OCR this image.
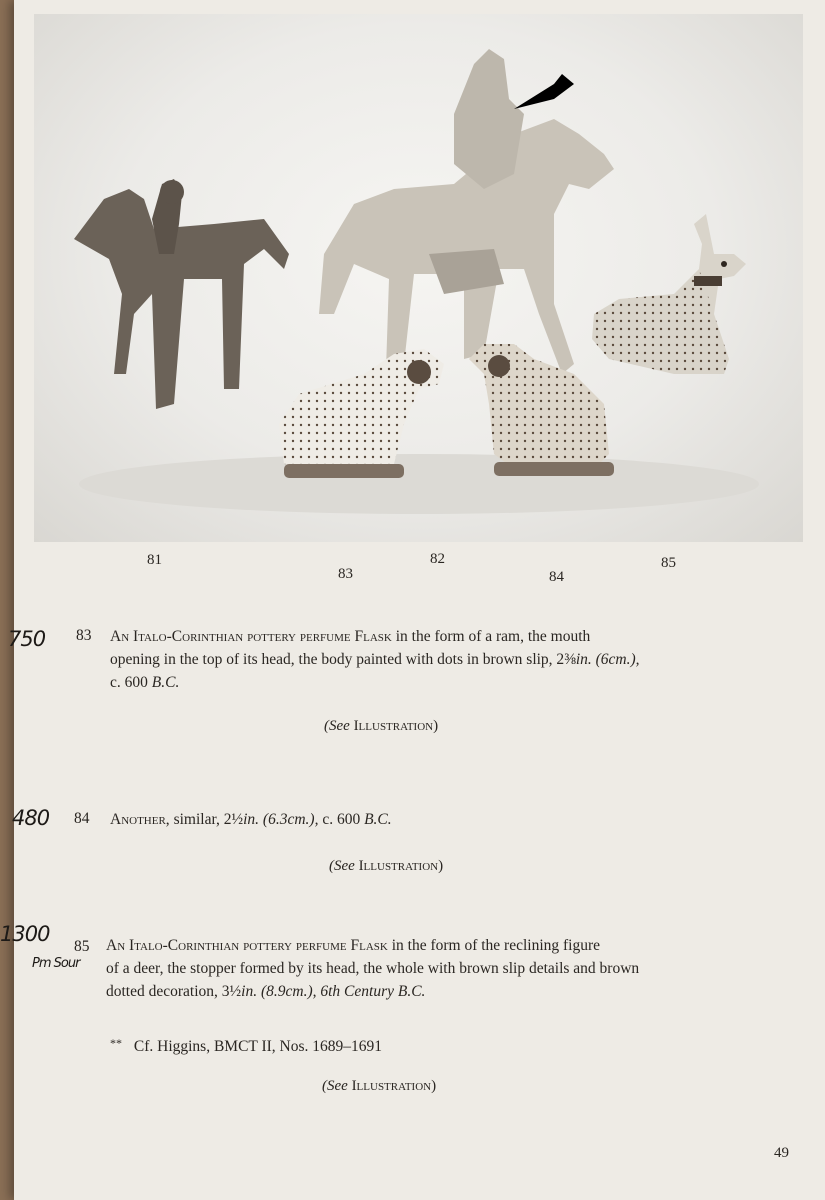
81	82
83	84
85
750 83 An Italo-Corinthian pottery perfume Flask in the form of a ram, the mouth
opening in the top of its head, the body painted with dots in brown slip, 2⅜in. (6cm.),
c. 600 B.C.
(See Illustration)
480 84 Another, similar, 2½in. (6.3cm.), c. 600 B.C.
(See Illustration)
1300
Pm Sour
85 An Italo-Corinthian pottery perfume Flask in the form of the reclining figure
of a deer, the stopper formed by its head, the whole with brown slip details and brown
dotted decoration, 3½in. (8.9cm.), 6th Century B.C.
** Cf. Higgins, BMCT II, Nos. 1689–1691
(See Illustration)
49
